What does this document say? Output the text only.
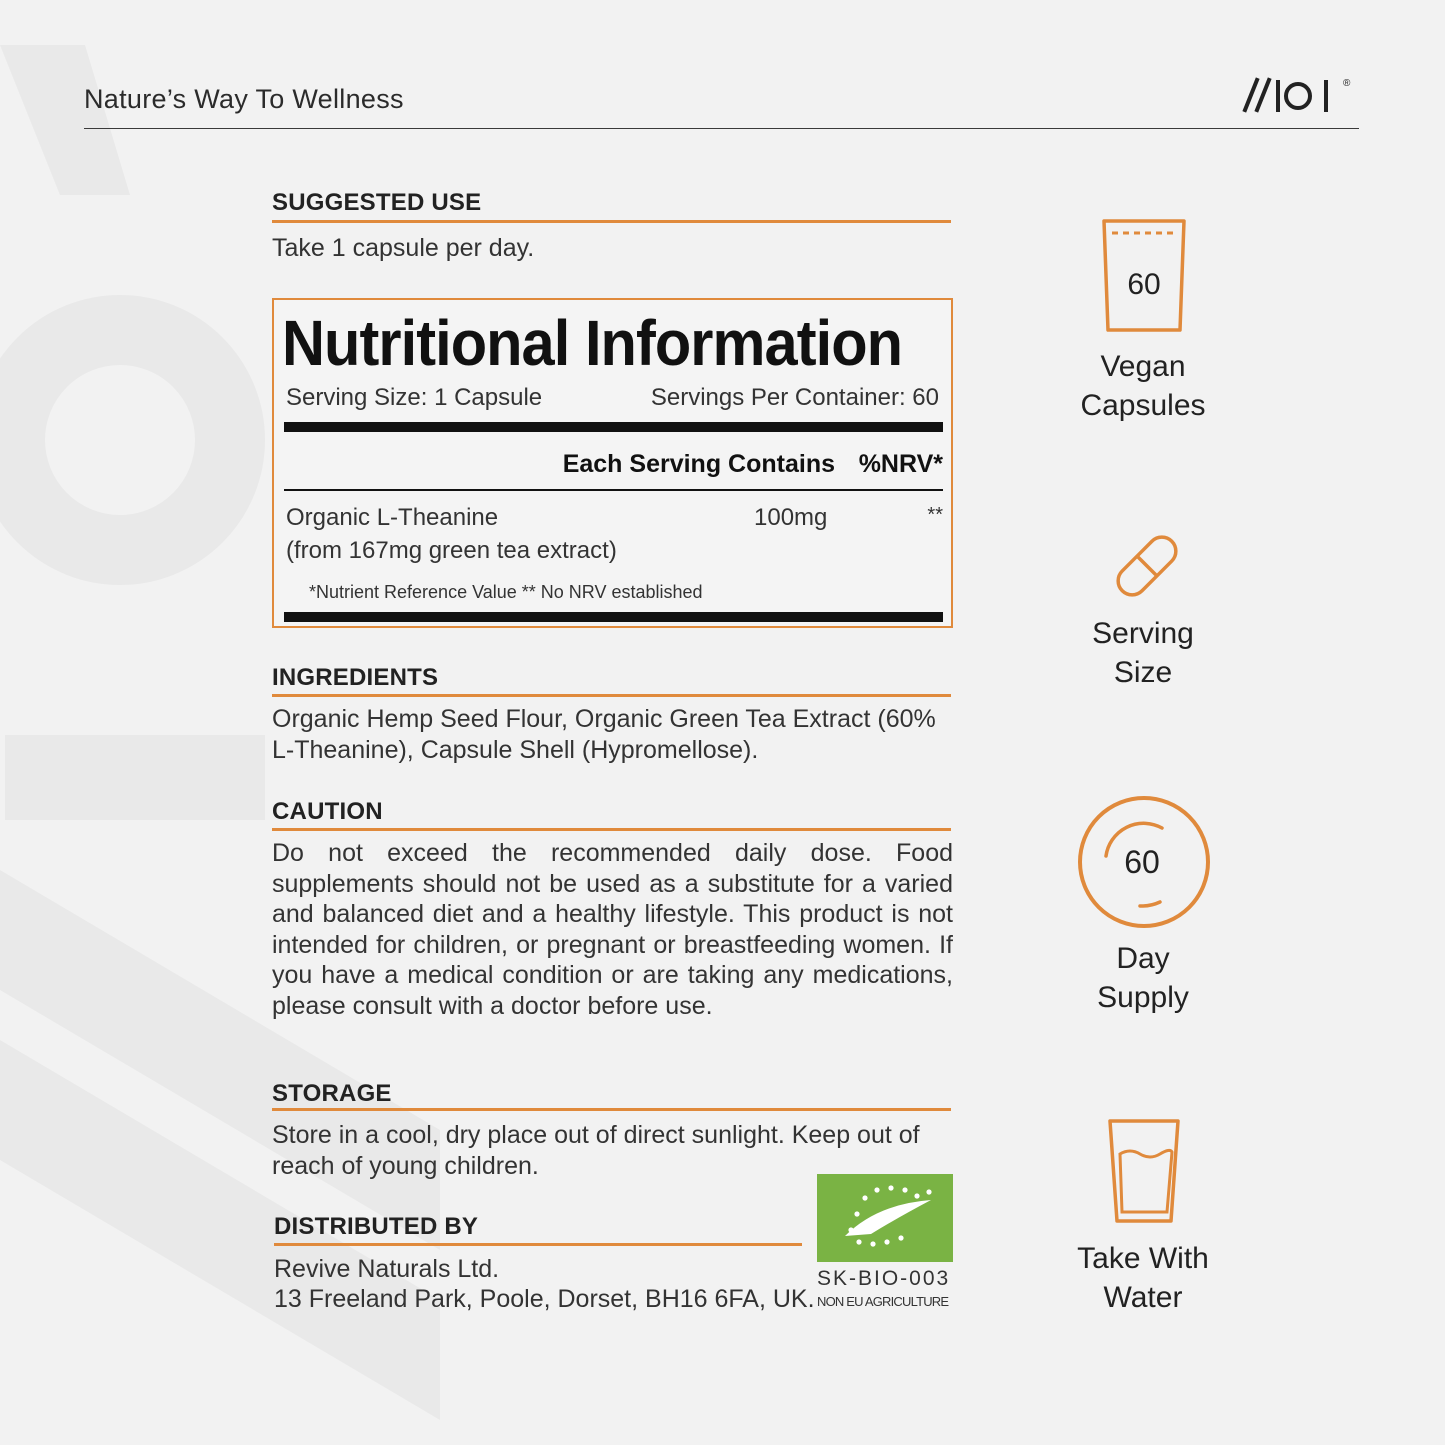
Nature’s Way To Wellness
®
SUGGESTED USE
Take 1 capsule per day.
Nutritional Information
Serving Size: 1 Capsule	Servings Per Container: 60
Each Serving Contains %NRV*
Organic L-Theanine
(from 167mg green tea extract)
100mg	**
*Nutrient Reference Value ** No NRV established
INGREDIENTS
Organic Hemp Seed Flour, Organic Green Tea Extract (60% L-Theanine), Capsule Shell (Hypromellose).
CAUTION
Do not exceed the recommended daily dose. Food supplements should not be used as a substitute for a varied and balanced diet and a healthy lifestyle. This product is not intended for children, or pregnant or breastfeeding women. If you have a medical condition or are taking any medications, please consult with a doctor before use.
STORAGE
Store in a cool, dry place out of direct sunlight. Keep out of reach of young children.
DISTRIBUTED BY
Revive Naturals Ltd.
13 Freeland Park, Poole, Dorset, BH16 6FA, UK.
SK-BIO-003
NON EU AGRICULTURE
60
Vegan
Capsules
Serving
Size
60
Day
Supply
Take With
Water
